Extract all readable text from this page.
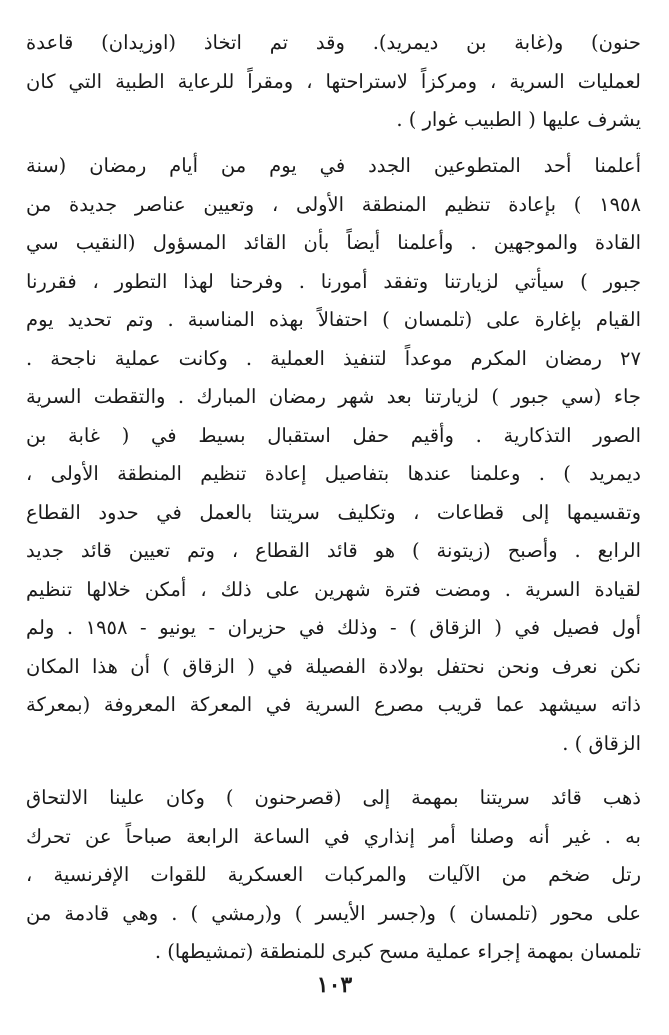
حنون) و(غابة بن ديمريد). وقد تم اتخاذ (اوزيدان) قاعدة
لعمليات السرية ، ومركزاً لاستراحتها ، ومقراً للرعاية الطبية التي كان
يشرف عليها ( الطبيب غوار ) .
أعلمنا أحد المتطوعين الجدد في يوم من أيام رمضان (سنة
١٩٥٨ ) بإعادة تنظيم المنطقة الأولى ، وتعيين عناصر جديدة من
القادة والموجهين . وأعلمنا أيضاً بأن القائد المسؤول (النقيب سي
جبور ) سيأتي لزيارتنا وتفقد أمورنا . وفرحنا لهذا التطور ، فقررنا
القيام بإغارة على (تلمسان ) احتفالاً بهذه المناسبة . وتم تحديد يوم
٢٧ رمضان المكرم موعداً لتنفيذ العملية . وكانت عملية ناجحة .
جاء (سي جبور ) لزيارتنا بعد شهر رمضان المبارك . والتقطت السرية
الصور التذكارية . وأقيم حفل استقبال بسيط في ( غابة بن
ديمريد ) . وعلمنا عندها بتفاصيل إعادة تنظيم المنطقة الأولى ،
وتقسيمها إلى قطاعات ، وتكليف سريتنا بالعمل في حدود القطاع
الرابع . وأصبح (زيتونة ) هو قائد القطاع ، وتم تعيين قائد جديد
لقيادة السرية . ومضت فترة شهرين على ذلك ، أمكن خلالها تنظيم
أول فصيل في ( الزقاق ) - وذلك في حزيران - يونيو - ١٩٥٨ . ولم
نكن نعرف ونحن نحتفل بولادة الفصيلة في ( الزقاق ) أن هذا المكان
ذاته سيشهد عما قريب مصرع السرية في المعركة المعروفة (بمعركة
الزقاق ) .
ذهب قائد سريتنا بمهمة إلى (قصرحنون ) وكان علينا الالتحاق
به . غير أنه وصلنا أمر إنذاري في الساعة الرابعة صباحاً عن تحرك
رتل ضخم من الآليات والمركبات العسكرية للقوات الإفرنسية ،
على محور (تلمسان ) و(جسر الأيسر ) و(رمشي ) . وهي قادمة من
تلمسان بمهمة إجراء عملية مسح كبرى للمنطقة (تمشيطها) .
١٠٣
